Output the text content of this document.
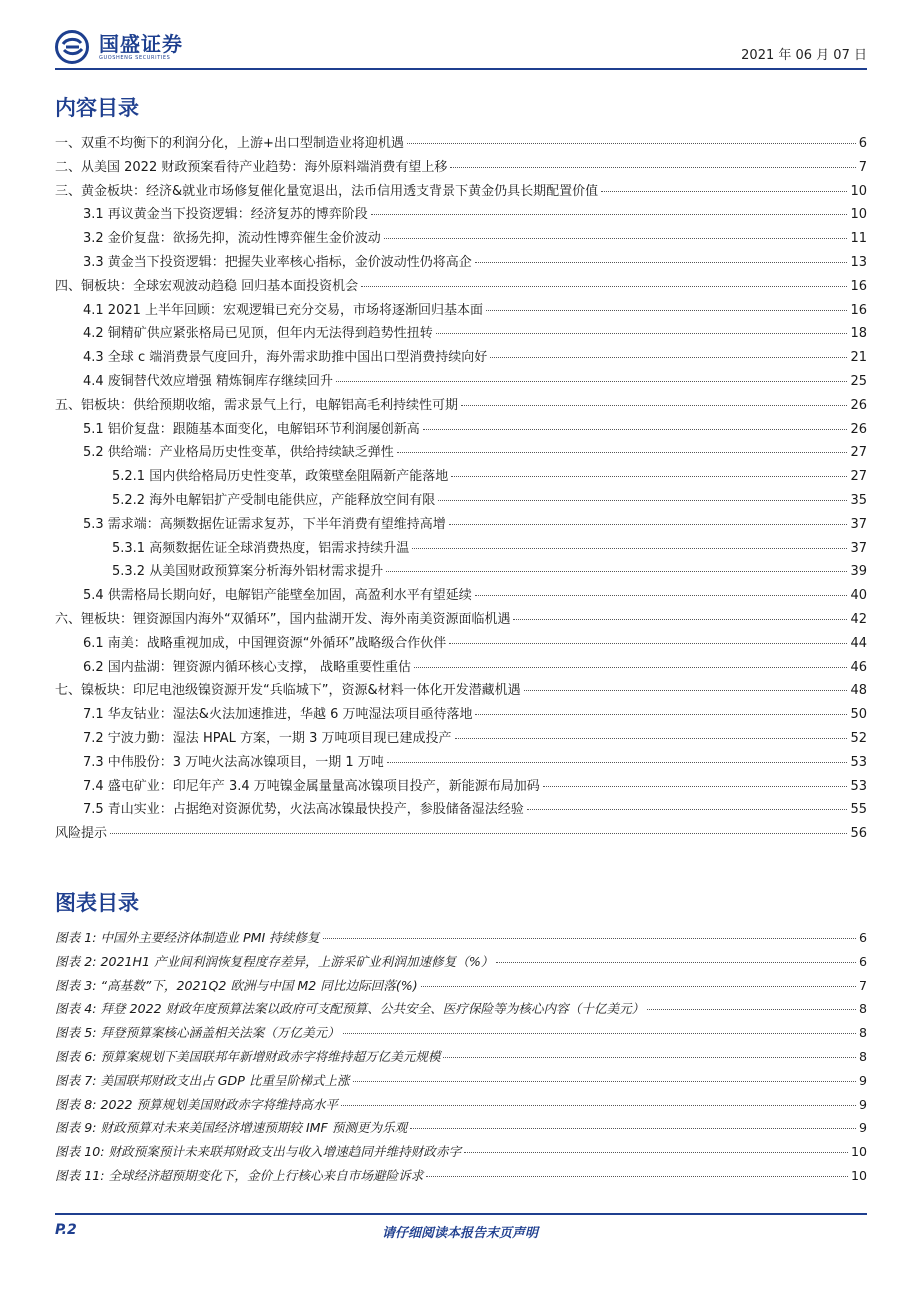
国盛证券
GUOSHENG SECURITIES	2021 年 06 月 07 日
内容目录
一、双重不均衡下的利润分化，上游+出口型制造业将迎机遇	6
二、从美国 2022 财政预案看待产业趋势：海外原料端消费有望上移	7
三、黄金板块：经济&就业市场修复催化量宽退出，法币信用透支背景下黄金仍具长期配置价值	10
3.1 再议黄金当下投资逻辑：经济复苏的博弈阶段	10
3.2 金价复盘：欲扬先抑，流动性博弈催生金价波动	11
3.3 黄金当下投资逻辑：把握失业率核心指标，金价波动性仍将高企	13
四、铜板块：全球宏观波动趋稳 回归基本面投资机会	16
4.1 2021 上半年回顾：宏观逻辑已充分交易，市场将逐渐回归基本面	16
4.2 铜精矿供应紧张格局已见顶，但年内无法得到趋势性扭转	18
4.3 全球 c 端消费景气度回升，海外需求助推中国出口型消费持续向好	21
4.4 废铜替代效应增强 精炼铜库存继续回升	25
五、铝板块：供给预期收缩，需求景气上行，电解铝高毛利持续性可期	26
5.1 铝价复盘：跟随基本面变化，电解铝环节利润屡创新高	26
5.2 供给端：产业格局历史性变革，供给持续缺乏弹性	27
5.2.1 国内供给格局历史性变革，政策壁垒阻隔新产能落地	27
5.2.2 海外电解铝扩产受制电能供应，产能释放空间有限	35
5.3 需求端：高频数据佐证需求复苏，下半年消费有望维持高增	37
5.3.1 高频数据佐证全球消费热度，铝需求持续升温	37
5.3.2 从美国财政预算案分析海外铝材需求提升	39
5.4 供需格局长期向好，电解铝产能壁垒加固，高盈利水平有望延续	40
六、锂板块：锂资源国内海外“双循环”，国内盐湖开发、海外南美资源面临机遇	42
6.1 南美：战略重视加成，中国锂资源“外循环”战略级合作伙伴	44
6.2 国内盐湖：锂资源内循环核心支撑， 战略重要性重估	46
七、镍板块：印尼电池级镍资源开发“兵临城下”，资源&材料一体化开发潜藏机遇	48
7.1 华友钴业：湿法&火法加速推进，华越 6 万吨湿法项目亟待落地	50
7.2 宁波力勤：湿法 HPAL 方案，一期 3 万吨项目现已建成投产	52
7.3 中伟股份：3 万吨火法高冰镍项目，一期 1 万吨	53
7.4 盛屯矿业：印尼年产 3.4 万吨镍金属量量高冰镍项目投产，新能源布局加码	53
7.5 青山实业：占据绝对资源优势，火法高冰镍最快投产，参股储备湿法经验	55
风险提示	56
图表目录
图表 1: 中国外主要经济体制造业 PMI 持续修复	6
图表 2: 2021H1 产业间利润恢复程度存差异，上游采矿业利润加速修复（%）	6
图表 3: “高基数”下，2021Q2 欧洲与中国 M2 同比边际回落(%)	7
图表 4: 拜登 2022 财政年度预算法案以政府可支配预算、公共安全、医疗保险等为核心内容（十亿美元）	8
图表 5: 拜登预算案核心涵盖相关法案（万亿美元）	8
图表 6: 预算案规划下美国联邦年新增财政赤字将维持超万亿美元规模	8
图表 7: 美国联邦财政支出占 GDP 比重呈阶梯式上涨	9
图表 8: 2022 预算规划美国财政赤字将维持高水平	9
图表 9: 财政预算对未来美国经济增速预期较 IMF 预测更为乐观	9
图表 10: 财政预案预计未来联邦财政支出与收入增速趋同并维持财政赤字	10
图表 11: 全球经济超预期变化下，金价上行核心来自市场避险诉求	10
P.2	请仔细阅读本报告末页声明
